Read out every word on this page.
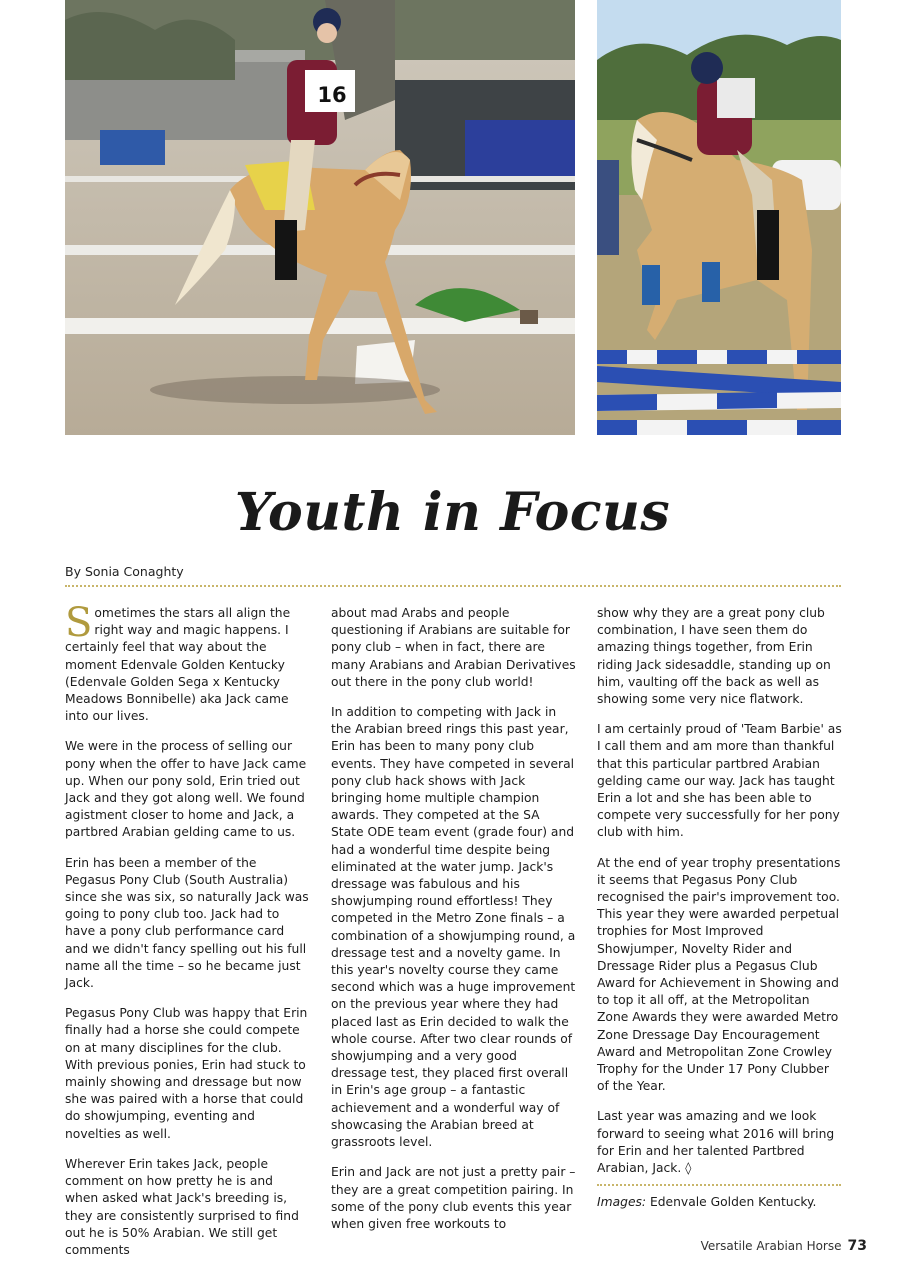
16
Youth in Focus
By Sonia Conaghty

Sometimes the stars all align the right way and magic happens. I certainly feel that way about the moment Edenvale Golden Kentucky (Edenvale Golden Sega x Kentucky Meadows Bonnibelle) aka Jack came into our lives.

We were in the process of selling our pony when the offer to have Jack came up. When our pony sold, Erin tried out Jack and they got along well. We found agistment closer to home and Jack, a partbred Arabian gelding came to us.

Erin has been a member of the Pegasus Pony Club (South Australia) since she was six, so naturally Jack was going to pony club too. Jack had to have a pony club performance card and we didn't fancy spelling out his full name all the time – so he became just Jack.

Pegasus Pony Club was happy that Erin finally had a horse she could compete on at many disciplines for the club. With previous ponies, Erin had stuck to mainly showing and dressage but now she was paired with a horse that could do showjumping, eventing and novelties as well.

Wherever Erin takes Jack, people comment on how pretty he is and when asked what Jack's breeding is, they are consistently surprised to find out he is 50% Arabian. We still get comments

about mad Arabs and people questioning if Arabians are suitable for pony club – when in fact, there are many Arabians and Arabian Derivatives out there in the pony club world!

In addition to competing with Jack in the Arabian breed rings this past year, Erin has been to many pony club events. They have competed in several pony club hack shows with Jack bringing home multiple champion awards. They competed at the SA State ODE team event (grade four) and had a wonderful time despite being eliminated at the water jump. Jack's dressage was fabulous and his showjumping round effortless! They competed in the Metro Zone finals – a combination of a showjumping round, a dressage test and a novelty game. In this year's novelty course they came second which was a huge improvement on the previous year where they had placed last as Erin decided to walk the whole course. After two clear rounds of showjumping and a very good dressage test, they placed first overall in Erin's age group – a fantastic achievement and a wonderful way of showcasing the Arabian breed at grassroots level.

Erin and Jack are not just a pretty pair – they are a great competition pairing. In some of the pony club events this year when given free workouts to

show why they are a great pony club combination, I have seen them do amazing things together, from Erin riding Jack sidesaddle, standing up on him, vaulting off the back as well as showing some very nice flatwork.

I am certainly proud of 'Team Barbie' as I call them and am more than thankful that this particular partbred Arabian gelding came our way. Jack has taught Erin a lot and she has been able to compete very successfully for her pony club with him.

At the end of year trophy presentations it seems that Pegasus Pony Club recognised the pair's improvement too. This year they were awarded perpetual trophies for Most Improved Showjumper, Novelty Rider and Dressage Rider plus a Pegasus Club Award for Achievement in Showing and to top it all off, at the Metropolitan Zone Awards they were awarded Metro Zone Dressage Day Encouragement Award and Metropolitan Zone Crowley Trophy for the Under 17 Pony Clubber of the Year.

Last year was amazing and we look forward to seeing what 2016 will bring for Erin and her talented Partbred Arabian, Jack. ◊

Images: Edenvale Golden Kentucky.
Versatile Arabian Horse 73
